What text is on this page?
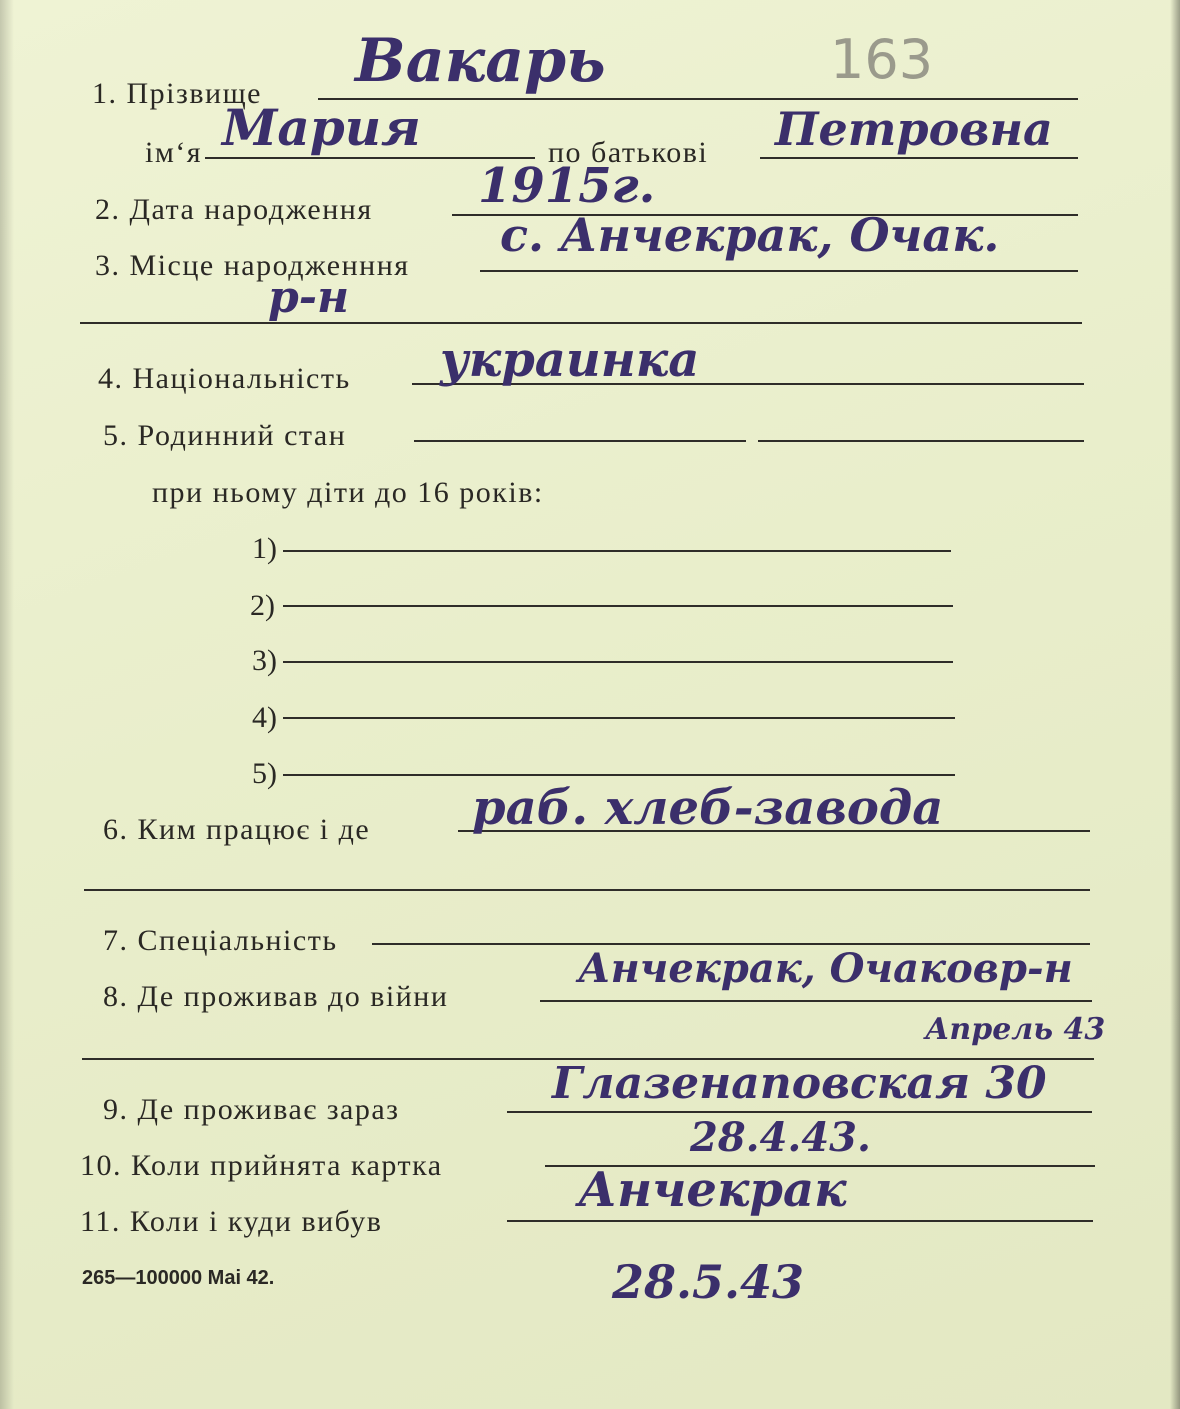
163
1. Прізвище Вакарь
ім‘я Мария	по батькові Петровна
2. Дата народження 1915г.
3. Місце народженння
с. Анчекрак, Очак.
р-н
4. Національність украинка
5. Родинний стан
при ньому діти до 16 років:
1)
2)
3)
4)
5)
6. Ким працює і де раб. хлеб-завода
7. Спеціальність
8. Де проживав до війни
Анчекрак, Очаковр-н
Апрель 43
9. Де проживає зараз
Глазенаповская 30
10. Коли прийнята картка
28.4.43.
11. Коли і куди вибув
Анчекрак
265—100000 Mai 42.	28.5.43
